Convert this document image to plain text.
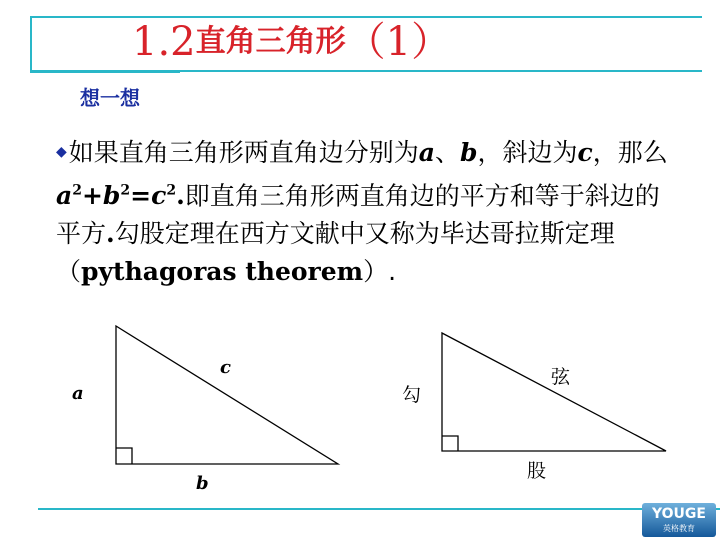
1.2直角三角形（1）
想一想
◆如果直角三角形两直角边分别为a、b，斜边为c，那么$a^2+b^2=c^2$.即直角三角形两直角边的平方和等于斜边的平方.勾股定理在西方文献中又称为毕达哥拉斯定理（pythagoras theorem）.
a
c
b
勾
弦
股
YOUGE
英格教育
